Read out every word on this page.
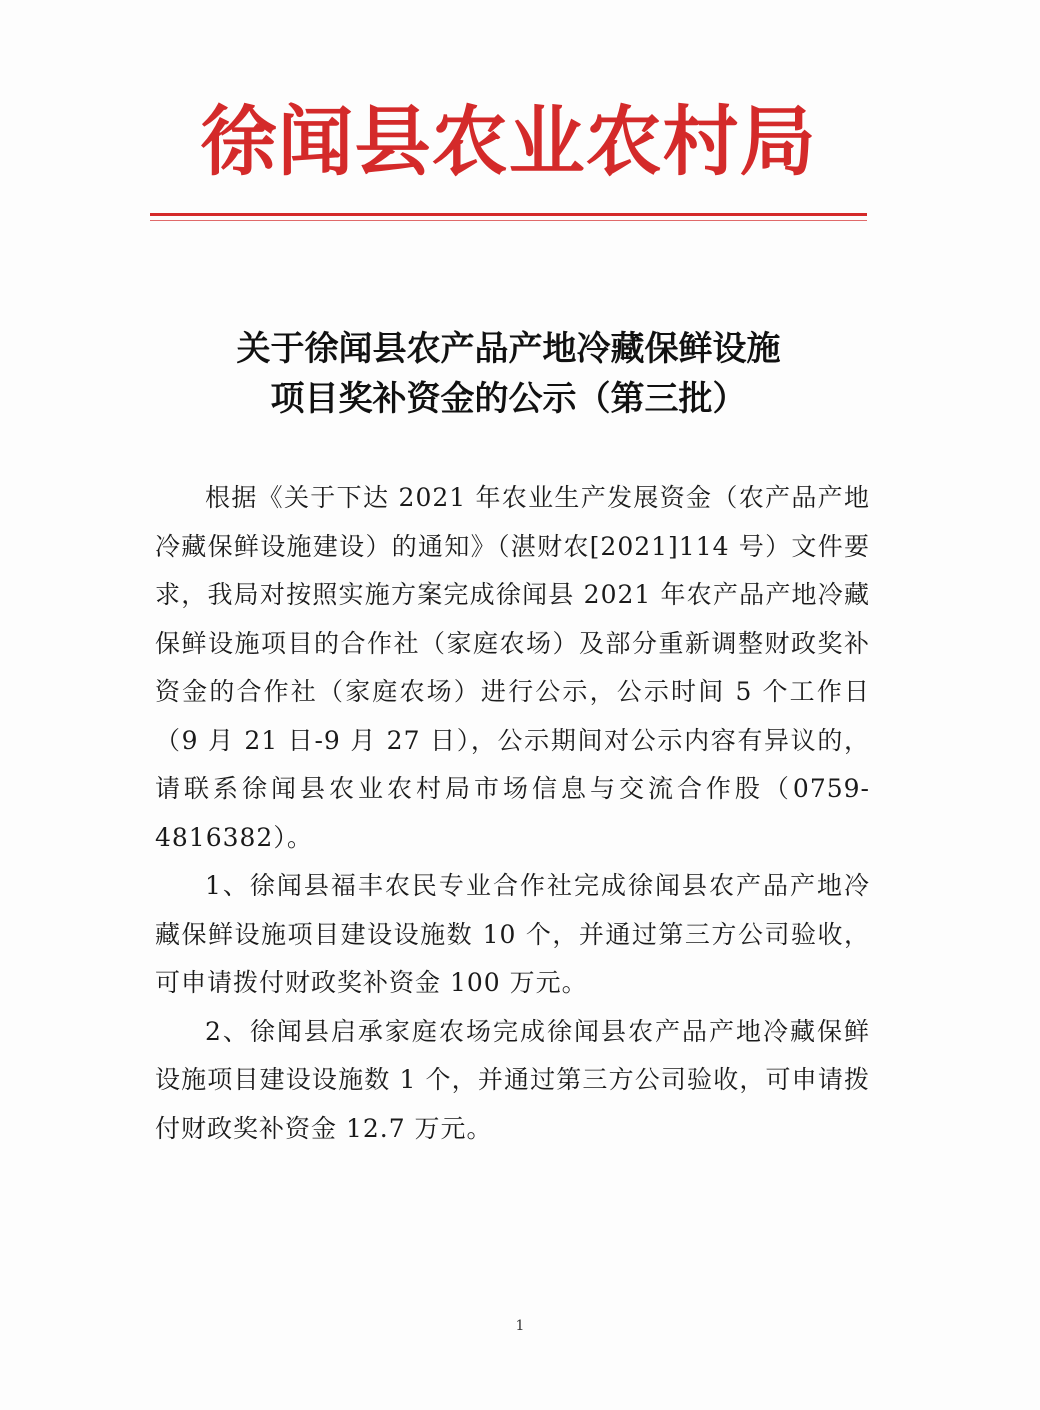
徐闻县农业农村局
关于徐闻县农产品产地冷藏保鲜设施
项目奖补资金的公示（第三批）

根据《关于下达 2021 年农业生产发展资金（农产品产地冷藏保鲜设施建设）的通知》（湛财农[2021]114 号）文件要求，我局对按照实施方案完成徐闻县 2021 年农产品产地冷藏保鲜设施项目的合作社（家庭农场）及部分重新调整财政奖补资金的合作社（家庭农场）进行公示，公示时间 5 个工作日（9 月 21 日-9 月 27 日），公示期间对公示内容有异议的，请联系徐闻县农业农村局市场信息与交流合作股（0759-4816382）。

1、徐闻县福丰农民专业合作社完成徐闻县农产品产地冷藏保鲜设施项目建设设施数 10 个，并通过第三方公司验收，可申请拨付财政奖补资金 100 万元。

2、徐闻县启承家庭农场完成徐闻县农产品产地冷藏保鲜设施项目建设设施数 1 个，并通过第三方公司验收，可申请拨付财政奖补资金 12.7 万元。

1
